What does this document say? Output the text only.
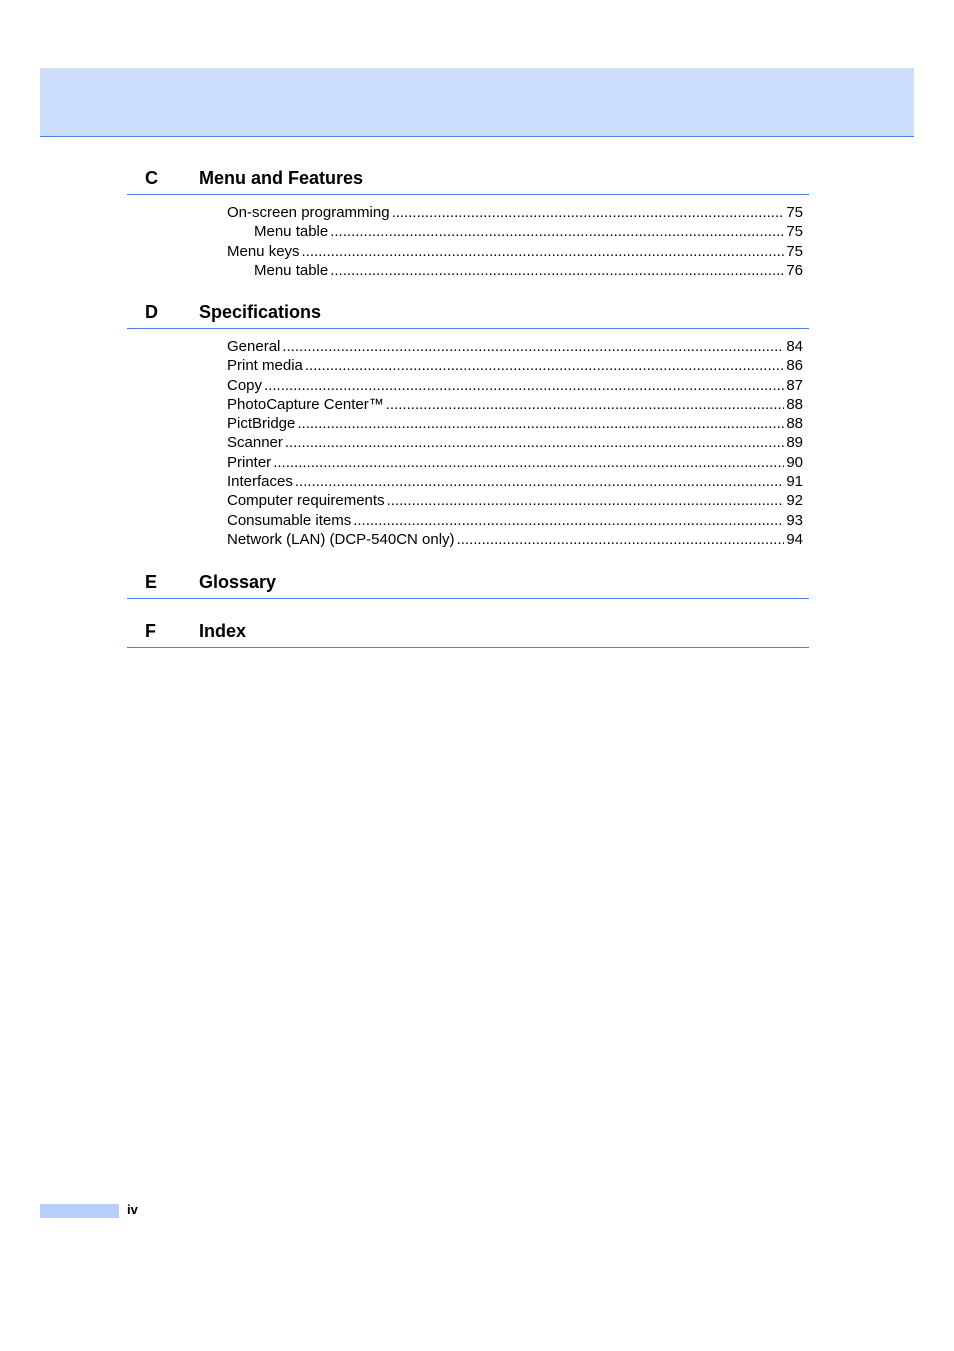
C Menu and Features
On-screen programming .....	75
Menu table .....	75
Menu keys .....	75
Menu table .....	76
D Specifications
General .....	84
Print media .....	86
Copy .....	87
PhotoCapture Center™ .....	88
PictBridge .....	88
Scanner .....	89
Printer .....	90
Interfaces .....	91
Computer requirements .....	92
Consumable items .....	93
Network (LAN) (DCP-540CN only) .....	94
E Glossary
F Index
iv
